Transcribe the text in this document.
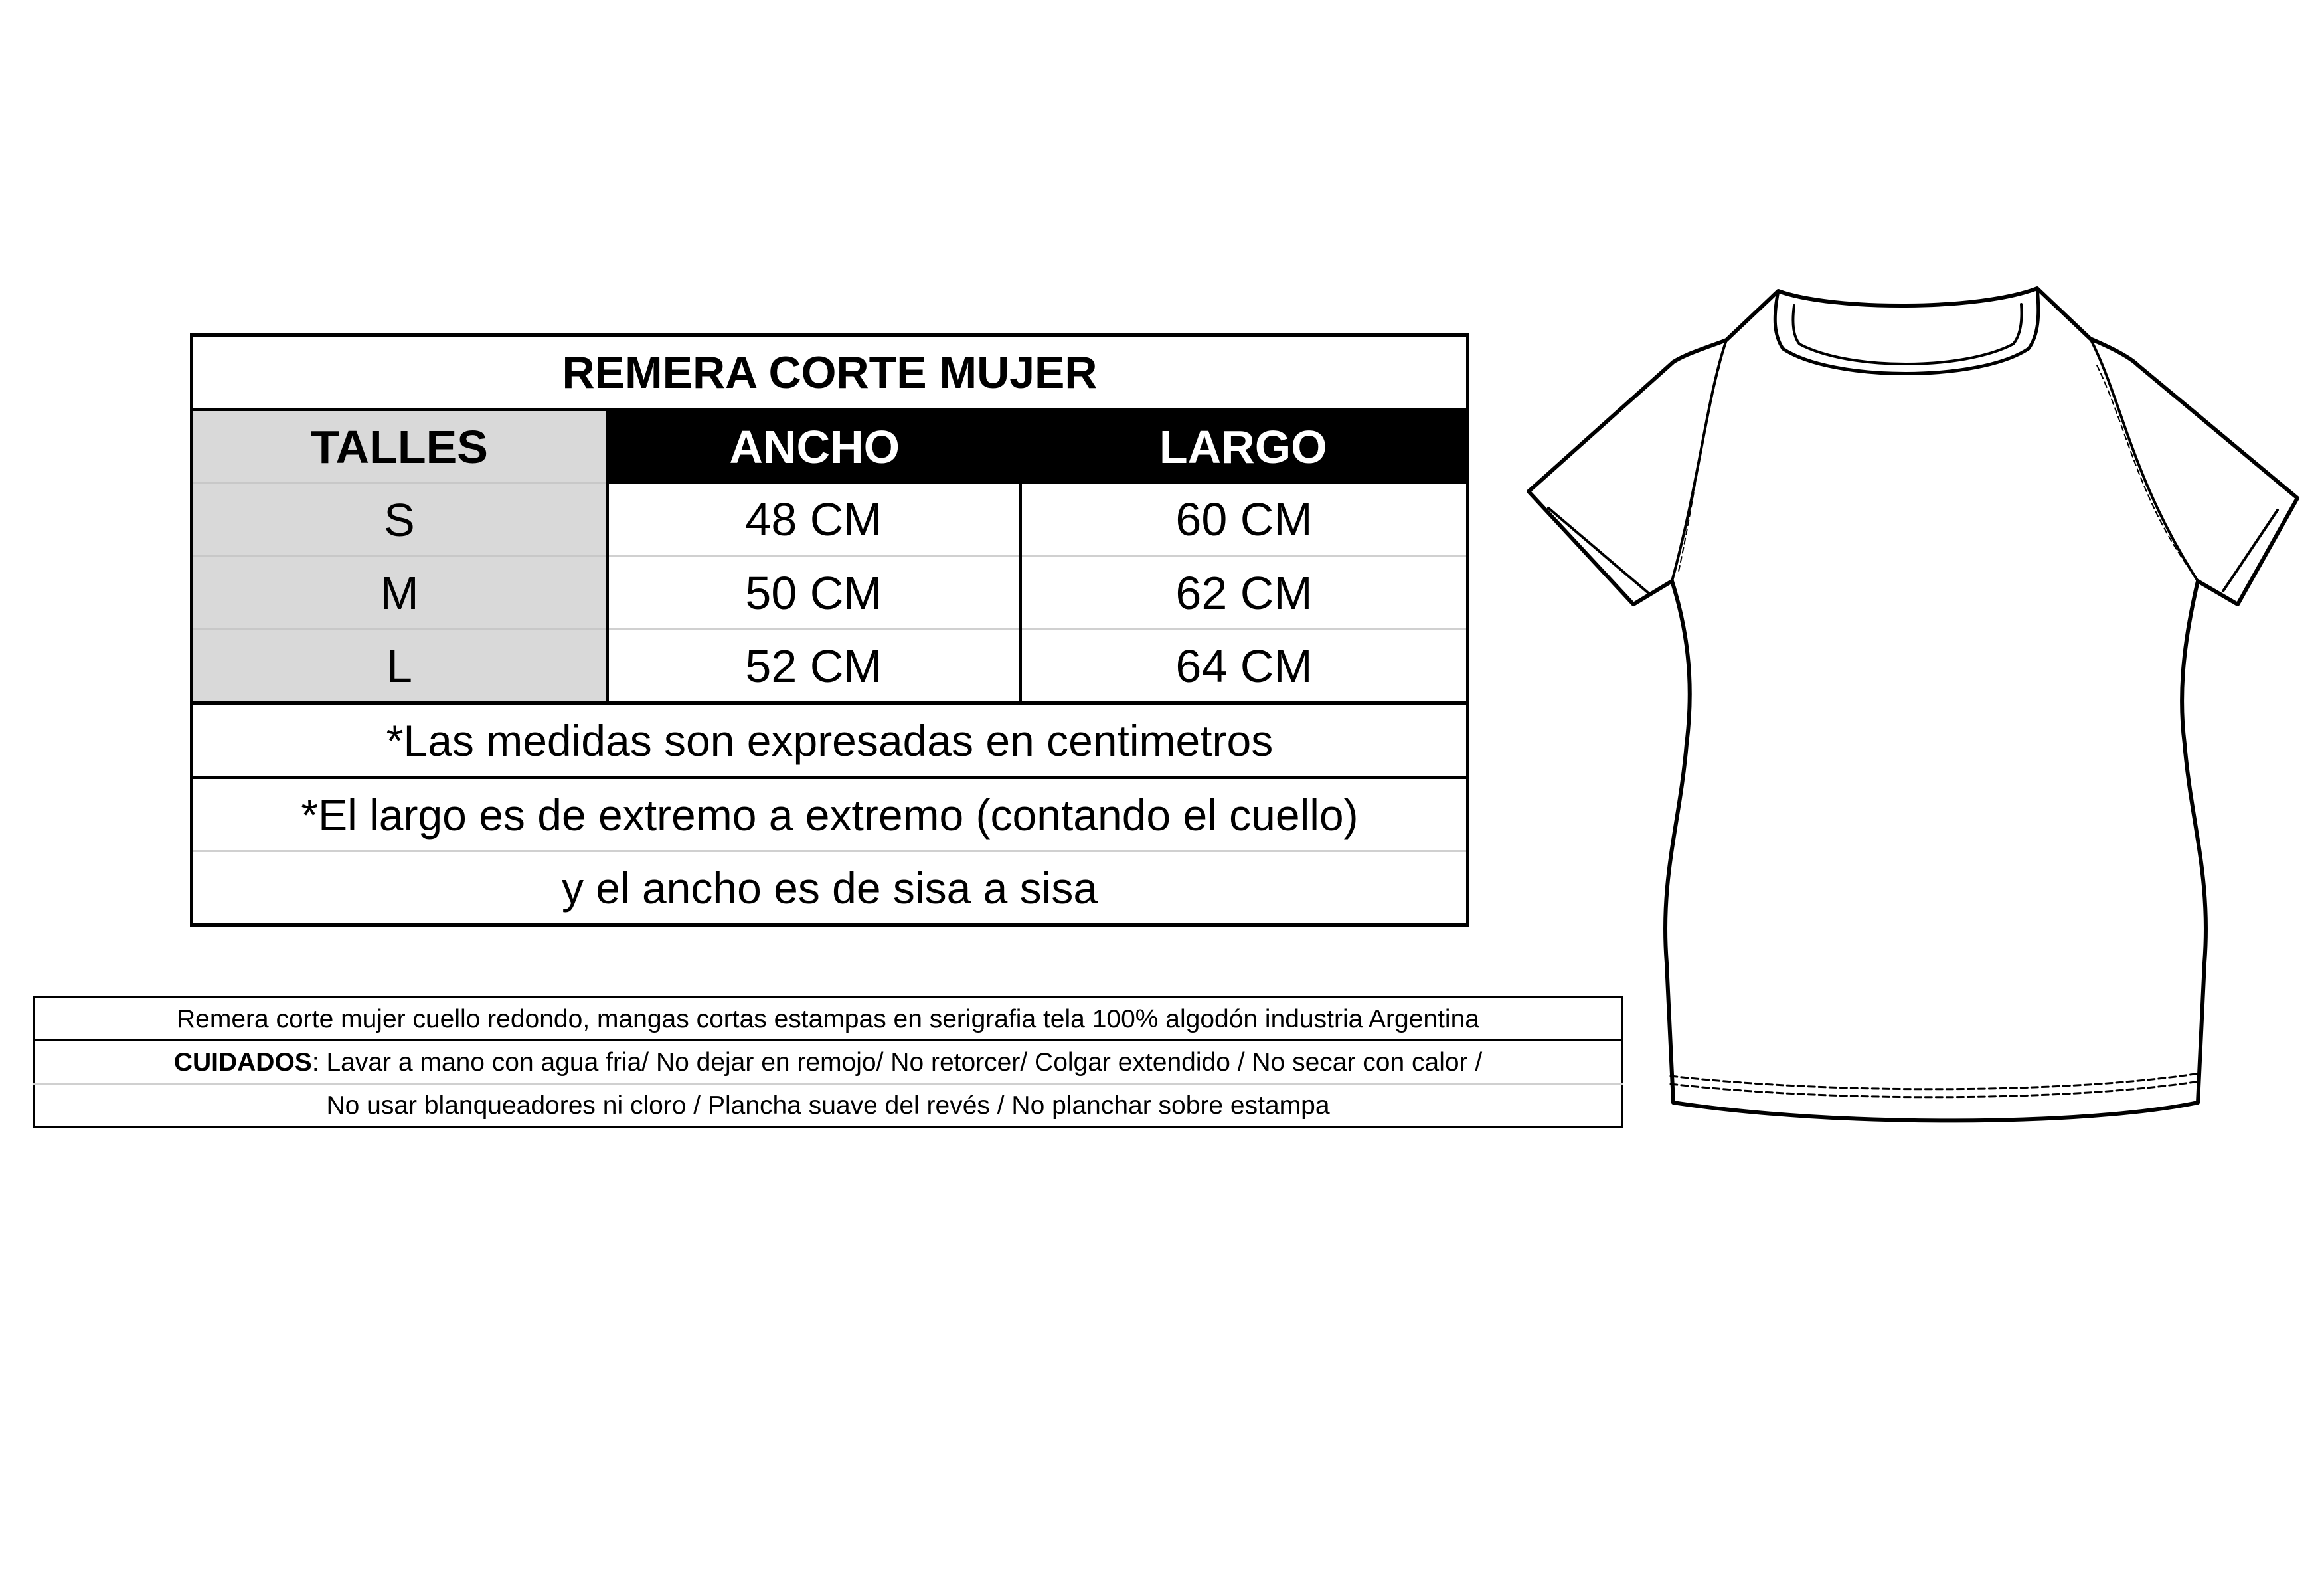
REMERA CORTE MUJER		
TALLES	ANCHO	LARGO
S	48 CM	60 CM
M	50 CM	62 CM
L	52 CM	64 CM
*Las medidas son expresadas en centimetros		
*El largo es de extremo a extremo (contando el cuello)		
y el ancho es de sisa a sisa		
Remera corte mujer cuello redondo, mangas cortas estampas en serigrafia tela 100% algodón industria Argentina
CUIDADOS: Lavar a mano con agua fria/ No dejar en remojo/ No retorcer/ Colgar extendido / No secar con calor /
No usar blanqueadores ni cloro / Plancha suave del revés / No planchar sobre estampa
